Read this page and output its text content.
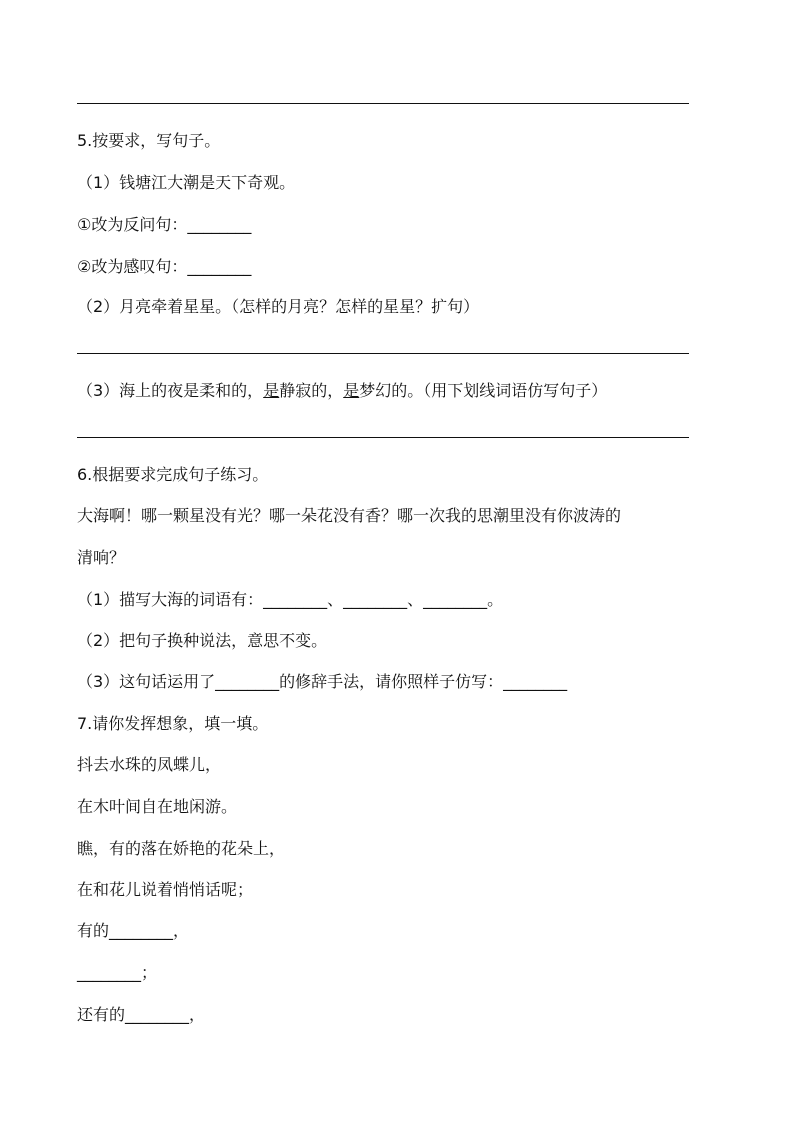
5.按要求，写句子。
（1）钱塘江大潮是天下奇观。
①改为反问句：________
②改为感叹句：________
（2）月亮牵着星星。（怎样的月亮？怎样的星星？扩句）
（3）海上的夜是柔和的，是静寂的，是梦幻的。（用下划线词语仿写句子）
6.根据要求完成句子练习。
大海啊！哪一颗星没有光？哪一朵花没有香？哪一次我的思潮里没有你波涛的
清响？
（1）描写大海的词语有：________、________、________。
（2）把句子换种说法，意思不变。
（3）这句话运用了________的修辞手法，请你照样子仿写：________
7.请你发挥想象，填一填。
抖去水珠的凤蝶儿，
在木叶间自在地闲游。
瞧，有的落在娇艳的花朵上，
在和花儿说着悄悄话呢；
有的________，
________；
还有的________，
